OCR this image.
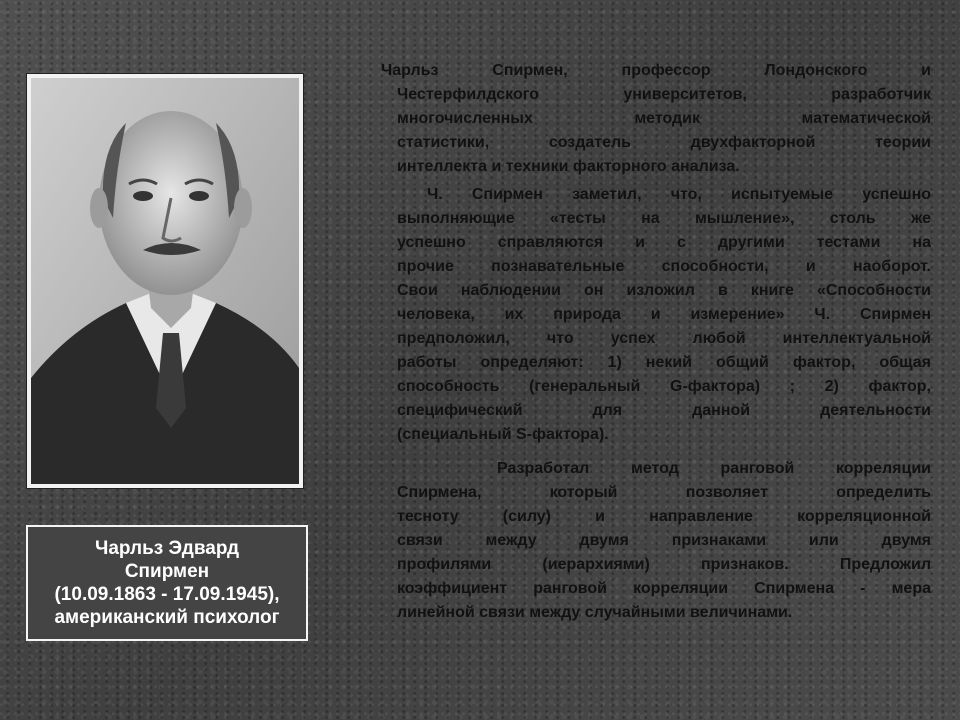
Чарльз Эдвард
Спирмен
(10.09.1863 - 17.09.1945),
американский психолог
Чарльз Спирмен, профессор Лондонского и
Честерфилдского университетов, разработчик
многочисленных методик математической
статистики, создатель двухфакторной теории
интеллекта и техники факторного анализа.
Ч. Спирмен заметил, что, испытуемые успешно
выполняющие «тесты на мышление», столь же
успешно справляются и с другими тестами на
прочие познавательные способности, и наоборот.
Свои наблюдении он изложил в книге «Способности
человека, их природа и измерение» Ч. Спирмен
предположил, что успех любой интеллектуальной
работы определяют: 1) некий общий фактор, общая
способность (генеральный G-фактора) ; 2) фактор,
специфический для данной деятельности
(специальный S-фактора).
Разработал метод ранговой корреляции
Спирмена, который позволяет определить
тесноту (силу) и направление корреляционной
связи между двумя признаками или двумя
профилями (иерархиями) признаков. Предложил
коэффициент ранговой корреляции Спирмена - мера
линейной связи между случайными величинами.
